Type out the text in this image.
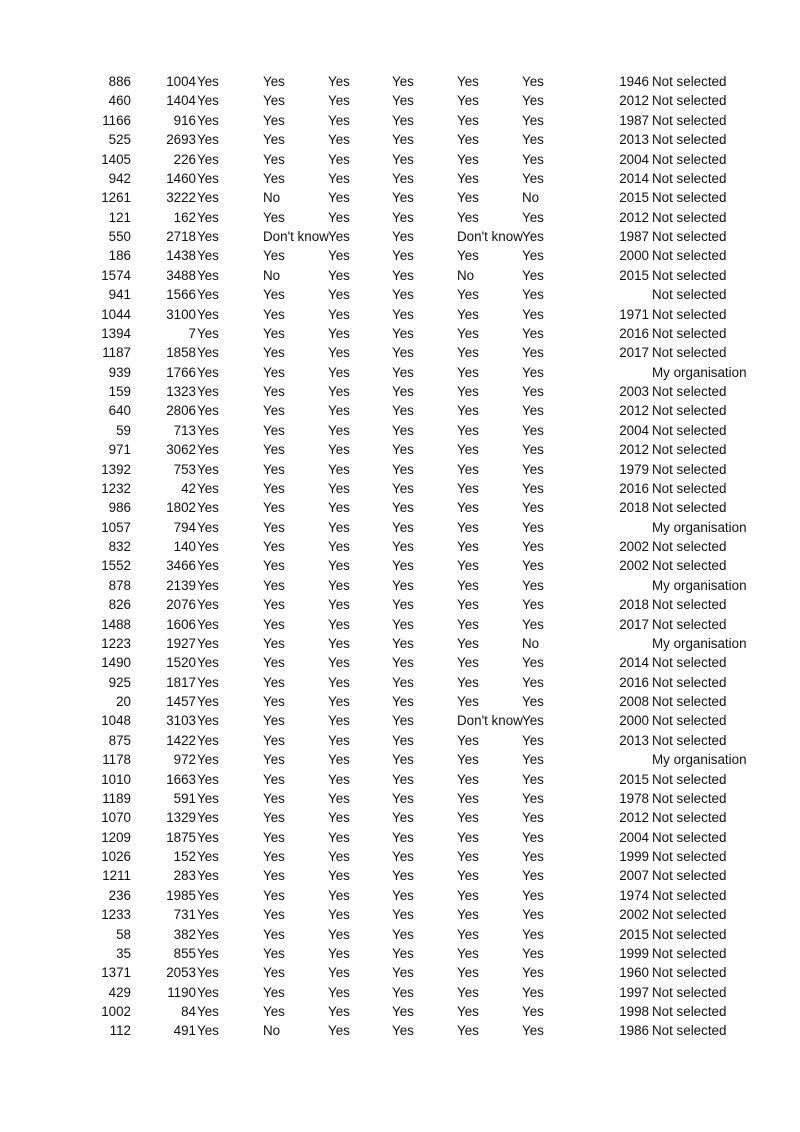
886	1004 Yes	Yes	Yes	Yes	Yes	Yes	1946 Not selected
460	1404 Yes	Yes	Yes	Yes	Yes	Yes	2012 Not selected
1166	916 Yes	Yes	Yes	Yes	Yes	Yes	1987 Not selected
525	2693 Yes	Yes	Yes	Yes	Yes	Yes	2013 Not selected
1405	226 Yes	Yes	Yes	Yes	Yes	Yes	2004 Not selected
942	1460 Yes	Yes	Yes	Yes	Yes	Yes	2014 Not selected
1261	3222 Yes	No	Yes	Yes	Yes	No	2015 Not selected
121	162 Yes	Yes	Yes	Yes	Yes	Yes	2012 Not selected
550	2718 Yes	Don't know Yes	Yes	Don't know Yes	1987 Not selected
186	1438 Yes	Yes	Yes	Yes	Yes	Yes	2000 Not selected
1574	3488 Yes	No	Yes	Yes	No	Yes	2015 Not selected
941	1566 Yes	Yes	Yes	Yes	Yes	Yes	Not selected
1044	3100 Yes	Yes	Yes	Yes	Yes	Yes	1971 Not selected
1394	7 Yes	Yes	Yes	Yes	Yes	Yes	2016 Not selected
1187	1858 Yes	Yes	Yes	Yes	Yes	Yes	2017 Not selected
939	1766 Yes	Yes	Yes	Yes	Yes	Yes	My organisation
159	1323 Yes	Yes	Yes	Yes	Yes	Yes	2003 Not selected
640	2806 Yes	Yes	Yes	Yes	Yes	Yes	2012 Not selected
59	713 Yes	Yes	Yes	Yes	Yes	Yes	2004 Not selected
971	3062 Yes	Yes	Yes	Yes	Yes	Yes	2012 Not selected
1392	753 Yes	Yes	Yes	Yes	Yes	Yes	1979 Not selected
1232	42 Yes	Yes	Yes	Yes	Yes	Yes	2016 Not selected
986	1802 Yes	Yes	Yes	Yes	Yes	Yes	2018 Not selected
1057	794 Yes	Yes	Yes	Yes	Yes	Yes	My organisation
832	140 Yes	Yes	Yes	Yes	Yes	Yes	2002 Not selected
1552	3466 Yes	Yes	Yes	Yes	Yes	Yes	2002 Not selected
878	2139 Yes	Yes	Yes	Yes	Yes	Yes	My organisation
826	2076 Yes	Yes	Yes	Yes	Yes	Yes	2018 Not selected
1488	1606 Yes	Yes	Yes	Yes	Yes	Yes	2017 Not selected
1223	1927 Yes	Yes	Yes	Yes	Yes	No	My organisation
1490	1520 Yes	Yes	Yes	Yes	Yes	Yes	2014 Not selected
925	1817 Yes	Yes	Yes	Yes	Yes	Yes	2016 Not selected
20	1457 Yes	Yes	Yes	Yes	Yes	Yes	2008 Not selected
1048	3103 Yes	Yes	Yes	Yes	Don't know Yes	2000 Not selected
875	1422 Yes	Yes	Yes	Yes	Yes	Yes	2013 Not selected
1178	972 Yes	Yes	Yes	Yes	Yes	Yes	My organisation
1010	1663 Yes	Yes	Yes	Yes	Yes	Yes	2015 Not selected
1189	591 Yes	Yes	Yes	Yes	Yes	Yes	1978 Not selected
1070	1329 Yes	Yes	Yes	Yes	Yes	Yes	2012 Not selected
1209	1875 Yes	Yes	Yes	Yes	Yes	Yes	2004 Not selected
1026	152 Yes	Yes	Yes	Yes	Yes	Yes	1999 Not selected
1211	283 Yes	Yes	Yes	Yes	Yes	Yes	2007 Not selected
236	1985 Yes	Yes	Yes	Yes	Yes	Yes	1974 Not selected
1233	731 Yes	Yes	Yes	Yes	Yes	Yes	2002 Not selected
58	382 Yes	Yes	Yes	Yes	Yes	Yes	2015 Not selected
35	855 Yes	Yes	Yes	Yes	Yes	Yes	1999 Not selected
1371	2053 Yes	Yes	Yes	Yes	Yes	Yes	1960 Not selected
429	1190 Yes	Yes	Yes	Yes	Yes	Yes	1997 Not selected
1002	84 Yes	Yes	Yes	Yes	Yes	Yes	1998 Not selected
112	491 Yes	No	Yes	Yes	Yes	Yes	1986 Not selected
